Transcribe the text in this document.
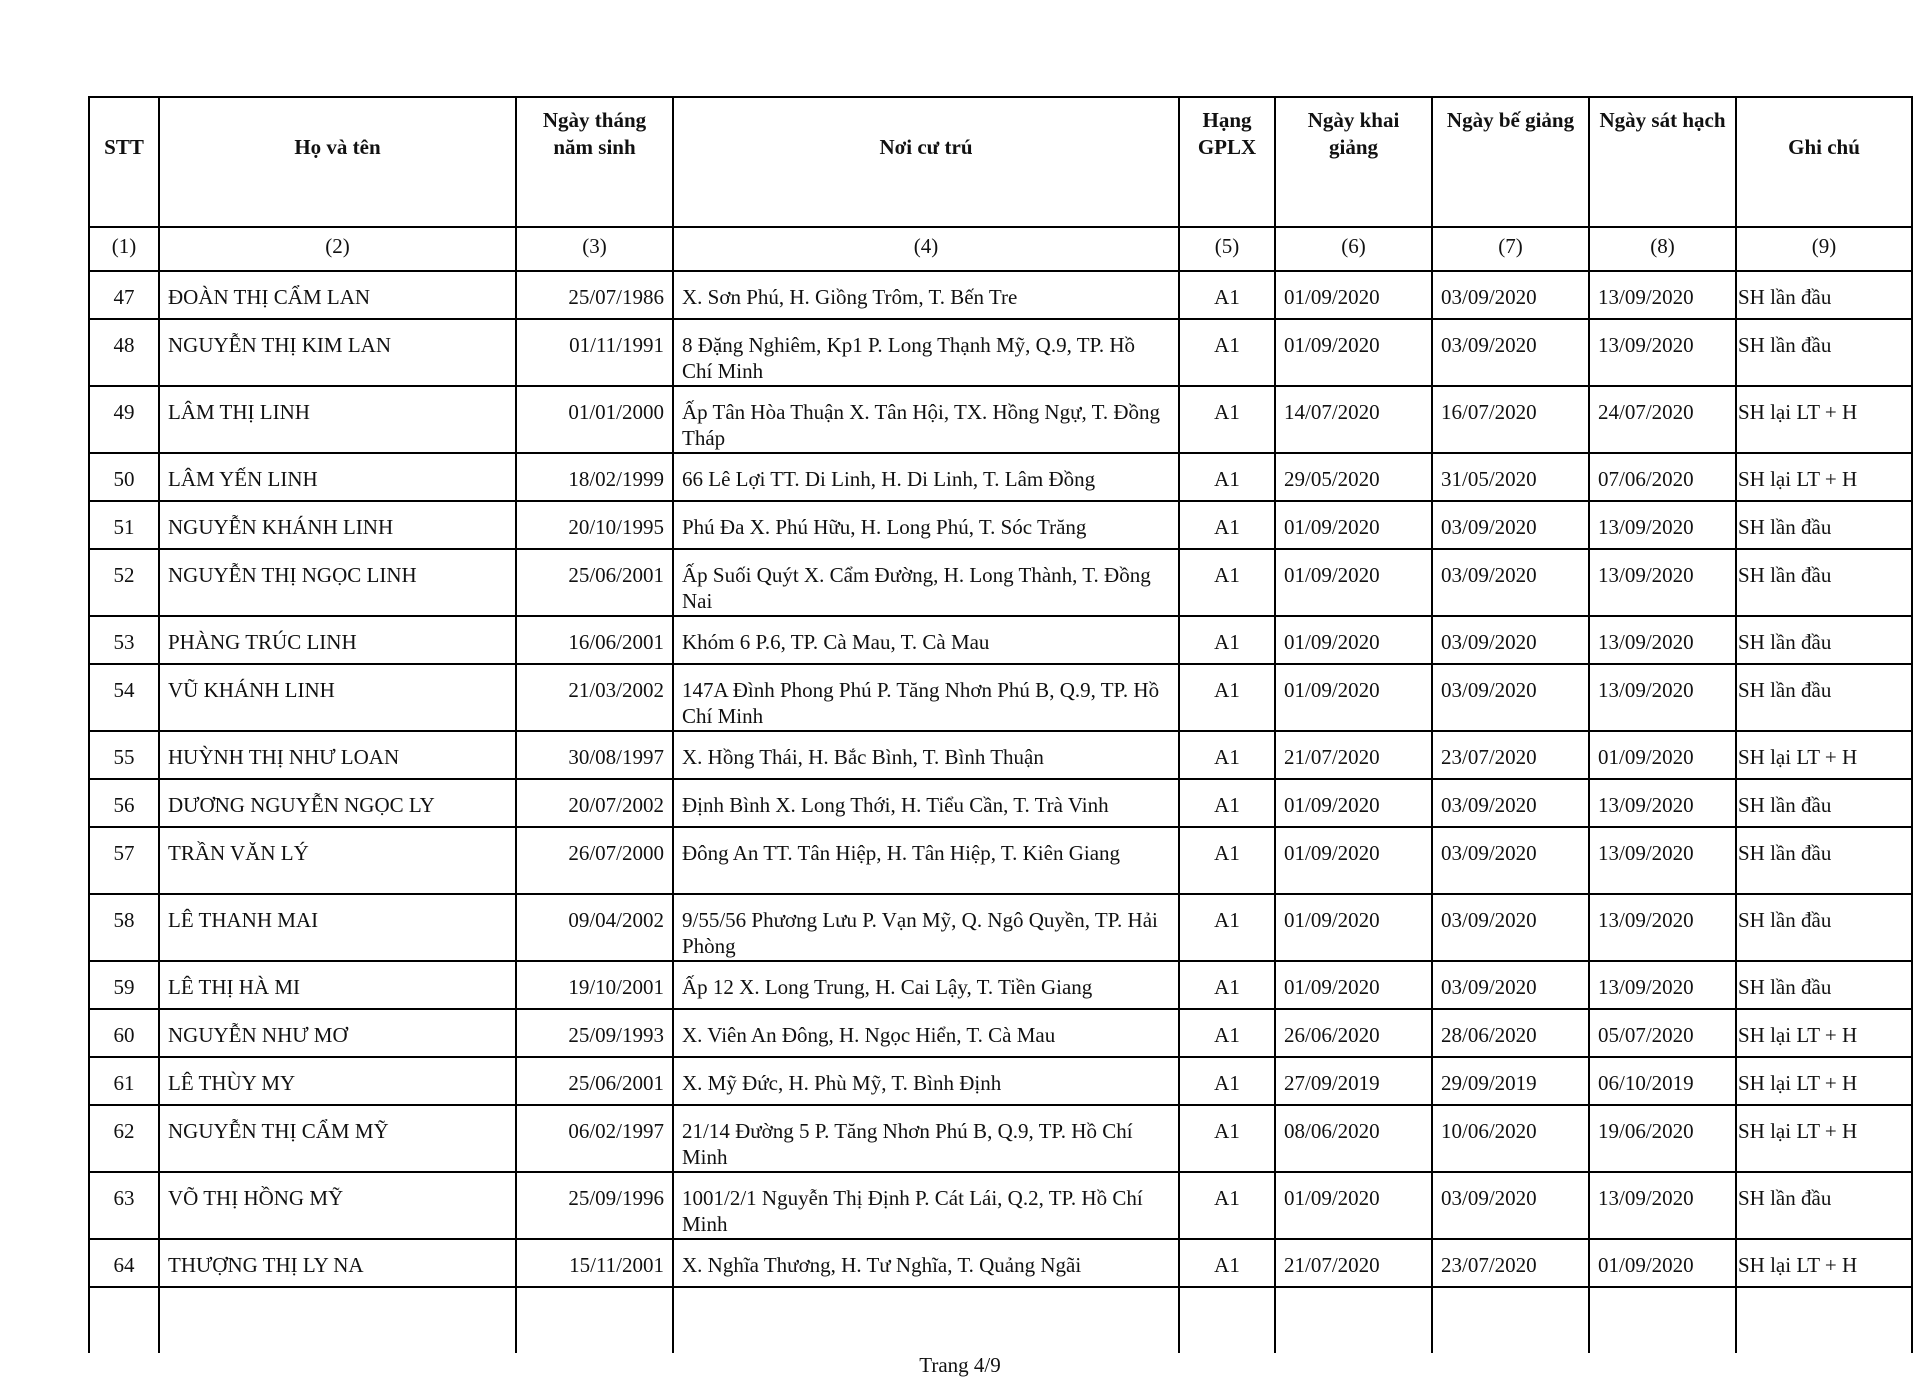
STT	Họ và tên	Ngày tháng năm sinh	Nơi cư trú	Hạng GPLX	Ngày khai giảng	Ngày bế giảng	Ngày sát hạch	Ghi chú
(1)	(2)	(3)	(4)	(5)	(6)	(7)	(8)	(9)
47	ĐOÀN THỊ CẨM LAN	25/07/1986	X. Sơn Phú, H. Giồng Trôm, T. Bến Tre	A1	01/09/2020	03/09/2020	13/09/2020	SH lần đầu
48	NGUYỄN THỊ KIM LAN	01/11/1991	8 Đặng Nghiêm, Kp1 P. Long Thạnh Mỹ, Q.9, TP. Hồ Chí Minh	A1	01/09/2020	03/09/2020	13/09/2020	SH lần đầu
49	LÂM THỊ LINH	01/01/2000	Ấp Tân Hòa Thuận X. Tân Hội, TX. Hồng Ngự, T. Đồng Tháp	A1	14/07/2020	16/07/2020	24/07/2020	SH lại LT + H
50	LÂM YẾN LINH	18/02/1999	66 Lê Lợi TT. Di Linh, H. Di Linh, T. Lâm Đồng	A1	29/05/2020	31/05/2020	07/06/2020	SH lại LT + H
51	NGUYỄN KHÁNH LINH	20/10/1995	Phú Đa X. Phú Hữu, H. Long Phú, T. Sóc Trăng	A1	01/09/2020	03/09/2020	13/09/2020	SH lần đầu
52	NGUYỄN THỊ NGỌC LINH	25/06/2001	Ấp Suối Quýt X. Cẩm Đường, H. Long Thành, T. Đồng Nai	A1	01/09/2020	03/09/2020	13/09/2020	SH lần đầu
53	PHÀNG TRÚC LINH	16/06/2001	Khóm 6 P.6, TP. Cà Mau, T. Cà Mau	A1	01/09/2020	03/09/2020	13/09/2020	SH lần đầu
54	VŨ KHÁNH LINH	21/03/2002	147A Đình Phong Phú P. Tăng Nhơn Phú B, Q.9, TP. Hồ Chí Minh	A1	01/09/2020	03/09/2020	13/09/2020	SH lần đầu
55	HUỲNH THỊ NHƯ LOAN	30/08/1997	X. Hồng Thái, H. Bắc Bình, T. Bình Thuận	A1	21/07/2020	23/07/2020	01/09/2020	SH lại LT + H
56	DƯƠNG NGUYỄN NGỌC LY	20/07/2002	Định Bình X. Long Thới, H. Tiểu Cần, T. Trà Vinh	A1	01/09/2020	03/09/2020	13/09/2020	SH lần đầu
57	TRẦN VĂN LÝ	26/07/2000	Đông An TT. Tân Hiệp, H. Tân Hiệp, T. Kiên Giang	A1	01/09/2020	03/09/2020	13/09/2020	SH lần đầu
58	LÊ THANH MAI	09/04/2002	9/55/56 Phương Lưu P. Vạn Mỹ, Q. Ngô Quyền, TP. Hải Phòng	A1	01/09/2020	03/09/2020	13/09/2020	SH lần đầu
59	LÊ THỊ HÀ MI	19/10/2001	Ấp 12 X. Long Trung, H. Cai Lậy, T. Tiền Giang	A1	01/09/2020	03/09/2020	13/09/2020	SH lần đầu
60	NGUYỄN NHƯ MƠ	25/09/1993	X. Viên An Đông, H. Ngọc Hiển, T. Cà Mau	A1	26/06/2020	28/06/2020	05/07/2020	SH lại LT + H
61	LÊ THÙY MY	25/06/2001	X. Mỹ Đức, H. Phù Mỹ, T. Bình Định	A1	27/09/2019	29/09/2019	06/10/2019	SH lại LT + H
62	NGUYỄN THỊ CẨM MỸ	06/02/1997	21/14 Đường 5 P. Tăng Nhơn Phú B, Q.9, TP. Hồ Chí Minh	A1	08/06/2020	10/06/2020	19/06/2020	SH lại LT + H
63	VÕ THỊ HỒNG MỸ	25/09/1996	1001/2/1 Nguyễn Thị Định P. Cát Lái, Q.2, TP. Hồ Chí Minh	A1	01/09/2020	03/09/2020	13/09/2020	SH lần đầu
64	THƯỢNG THỊ LY NA	15/11/2001	X. Nghĩa Thương, H. Tư Nghĩa, T. Quảng Ngãi	A1	21/07/2020	23/07/2020	01/09/2020	SH lại LT + H

Trang 4/9
